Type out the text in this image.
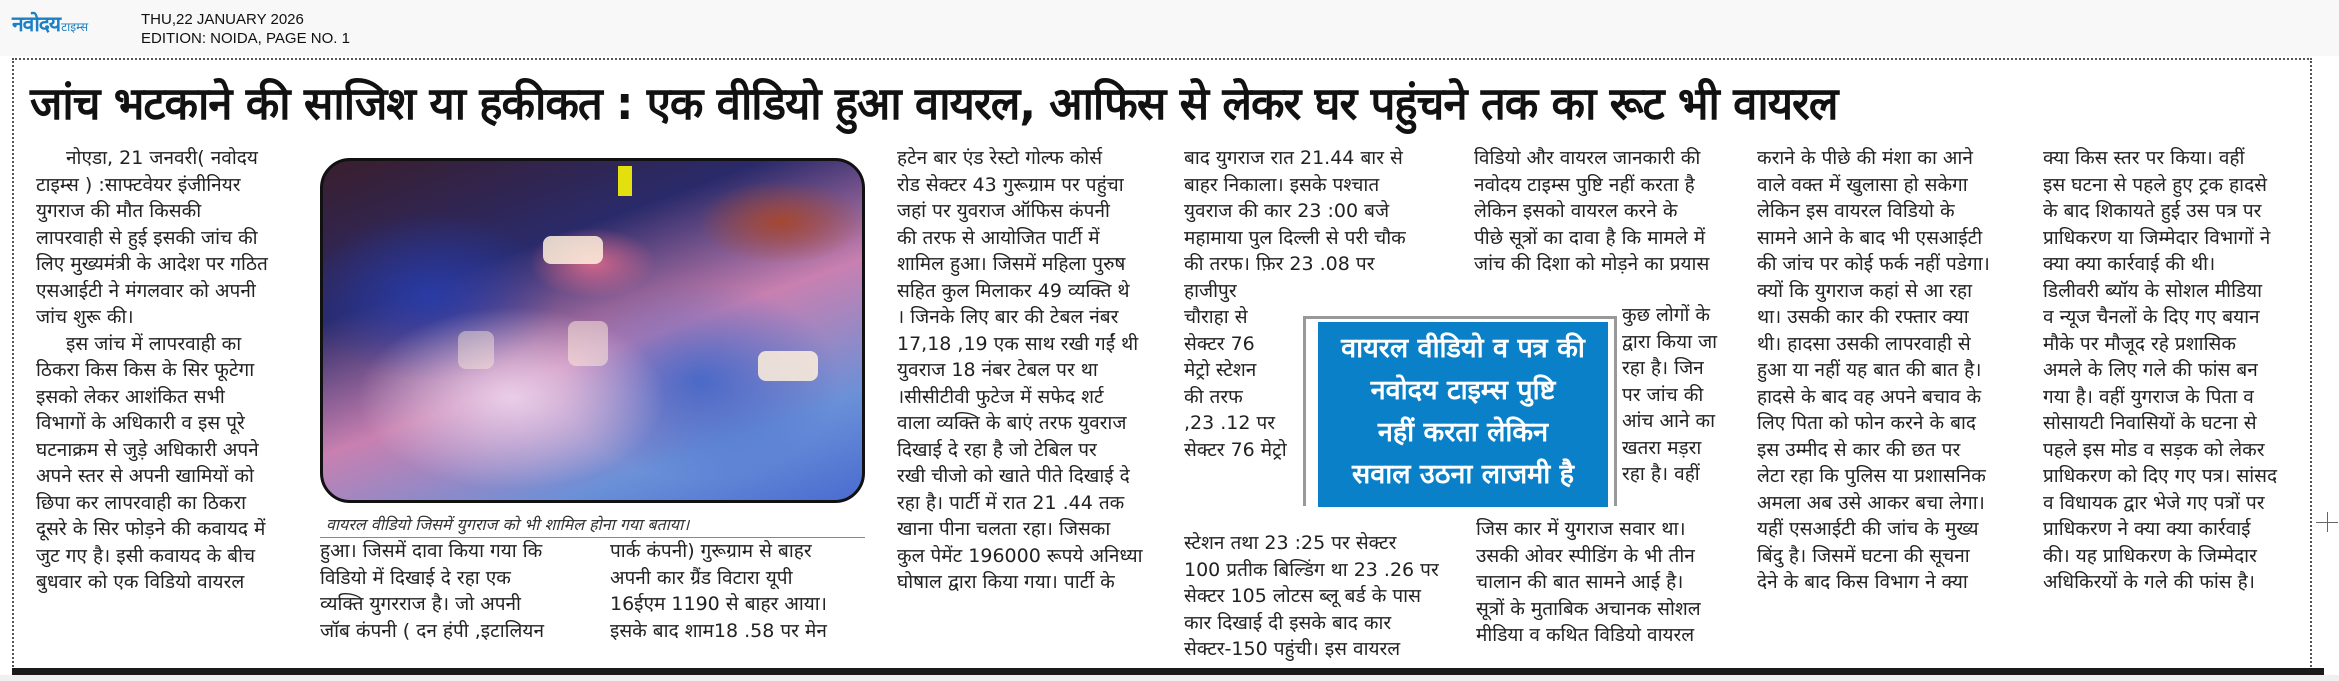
नवोदय टाइम्स	THU,22 JANUARY 2026
EDITION: NOIDA, PAGE NO. 1
जांच भटकाने की साजिश या हकीकत : एक वीडियो हुआ वायरल, आफिस से लेकर घर पहुंचने तक का रूट भी वायरल

नोएडा, 21 जनवरी( नवोदय

टाइम्स ) :साफ्टवेयर इंजीनियर

युगराज की मौत किसकी

लापरवाही से हुई इसकी जांच की

लिए मुख्यमंत्री के आदेश पर गठित

एसआईटी ने मंगलवार को अपनी

जांच शुरू की।

इस जांच में लापरवाही का

ठिकरा किस किस के सिर फूटेगा

इसको लेकर आशंकित सभी

विभागों के अधिकारी व इस पूरे

घटनाक्रम से जुड़े अधिकारी अपने

अपने स्तर से अपनी खामियों को

छिपा कर लापरवाही का ठिकरा

दूसरे के सिर फोड़ने की कवायद में

जुट गए है। इसी कवायद के बीच

बुधवार को एक विडियो वायरल

वायरल वीडियो जिसमें युगराज को भी शामिल होना गया बताया।

हुआ। जिसमें दावा किया गया कि

विडियो में दिखाई दे रहा एक

व्यक्ति युगरराज है। जो अपनी

जॉब कंपनी ( दन हंपी ,इटालियन

पार्क कंपनी) गुरूग्राम से बाहर

अपनी कार ग्रैंड विटारा यूपी

16ईएम 1190 से बाहर आया।

इसके बाद शाम18 .58 पर मेन

हटेन बार एंड रेस्टो गोल्फ कोर्स

रोड सेक्टर 43 गुरूग्राम पर पहुंचा

जहां पर युवराज ऑफिस कंपनी

की तरफ से आयोजित पार्टी में

शामिल हुआ। जिसमें महिला पुरुष

सहित कुल मिलाकर 49 व्यक्ति थे

। जिनके लिए बार की टेबल नंबर

17,18 ,19 एक साथ रखी गईं थी

युवराज 18 नंबर टेबल पर था

।सीसीटीवी फुटेज में सफेद शर्ट

वाला व्यक्ति के बाएं तरफ युवराज

दिखाई दे रहा है जो टेबिल पर

रखी चीजो को खाते पीते दिखाई दे

रहा है। पार्टी में रात 21 .44 तक

खाना पीना चलता रहा। जिसका

कुल पेमेंट 196000 रूपये अनिध्या

घोषाल द्वारा किया गया। पार्टी के

बाद युगराज रात 21.44 बार से

बाहर निकाला। इसके पश्चात

युवराज की कार 23 :00 बजे

महामाया पुल दिल्ली से परी चौक

की तरफ। फ़िर 23 .08 पर

हाजीपुर

चौराहा से

सेक्टर 76

मेट्रो स्टेशन

की तरफ

,23 .12 पर

सेक्टर 76 मेट्रो

स्टेशन तथा 23 :25 पर सेक्टर

100 प्रतीक बिल्डिंग था 23 .26 पर

सेक्टर 105 लोटस ब्लू बर्ड के पास

कार दिखाई दी इसके बाद कार

सेक्टर-150 पहुंची। इस वायरल

वायरल वीडियो व पत्र की
नवोदय टाइम्स पुष्टि
नहीं करता लेकिन
सवाल उठना लाजमी है

विडियो और वायरल जानकारी की

नवोदय टाइम्स पुष्टि नहीं करता है

लेकिन इसको वायरल करने के

पीछे सूत्रों का दावा है कि मामले में

जांच की दिशा को मोड़ने का प्रयास

कुछ लोगों के

द्वारा किया जा

रहा है। जिन

पर जांच की

आंच आने का

खतरा मड़रा

रहा है। वहीं

जिस कार में युगराज सवार था।

उसकी ओवर स्पीडिंग के भी तीन

चालान की बात सामने आई है।

सूत्रों के मुताबिक अचानक सोशल

मीडिया व कथित विडियो वायरल

कराने के पीछे की मंशा का आने

वाले वक्त में खुलासा हो सकेगा

लेकिन इस वायरल विडियो के

सामने आने के बाद भी एसआईटी

की जांच पर कोई फर्क नहीं पडेगा।

क्यों कि युगराज कहां से आ रहा

था। उसकी कार की रफ्तार क्या

थी। हादसा उसकी लापरवाही से

हुआ या नहीं यह बात की बात है।

हादसे के बाद वह अपने बचाव के

लिए पिता को फोन करने के बाद

इस उम्मीद से कार की छत पर

लेटा रहा कि पुलिस या प्रशासनिक

अमला अब उसे आकर बचा लेगा।

यहीं एसआईटी की जांच के मुख्य

बिंदु है। जिसमें घटना की सूचना

देने के बाद किस विभाग ने क्या

क्या किस स्तर पर किया। वहीं

इस घटना से पहले हुए ट्रक हादसे

के बाद शिकायते हुई उस पत्र पर

प्राधिकरण या जिम्मेदार विभागों ने

क्या क्या कार्रवाई की थी।

डिलीवरी ब्यॉय के सोशल मीडिया

व न्यूज चैनलों के दिए गए बयान

मौके पर मौजूद रहे प्रशासिक

अमले के लिए गले की फांस बन

गया है। वहीं युगराज के पिता व

सोसायटी निवासियों के घटना से

पहले इस मोड व सड़क को लेकर

प्राधिकरण को दिए गए पत्र। सांसद

व विधायक द्वार भेजे गए पत्रों पर

प्राधिकरण ने क्या क्या कार्रवाई

की। यह प्राधिकरण के जिम्मेदार

अधिकिरयों के गले की फांस है।
